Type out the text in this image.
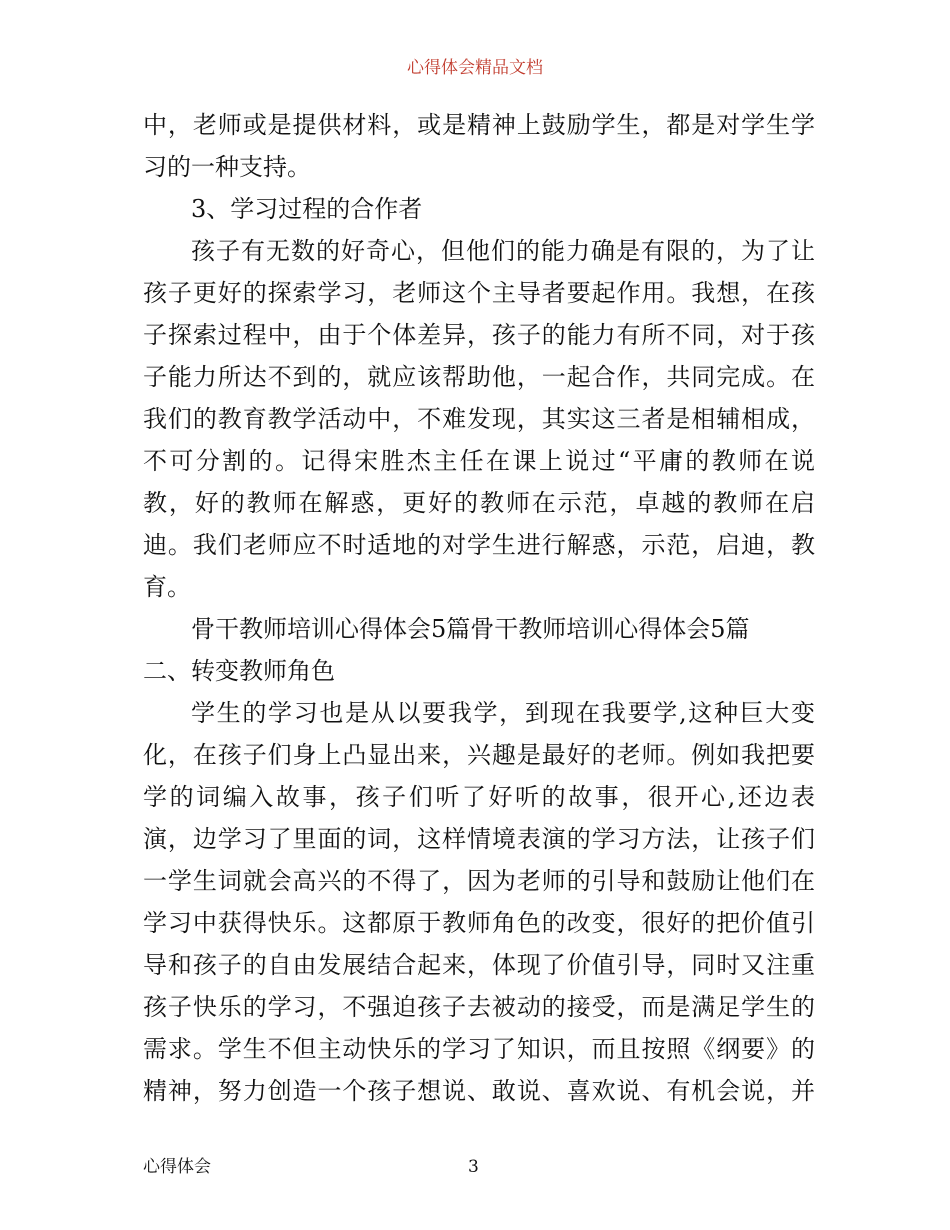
心得体会精品文档
中，老师或是提供材料，或是精神上鼓励学生，都是对学生学
习的一种支持。
3、学习过程的合作者
孩子有无数的好奇心，但他们的能力确是有限的，为了让
孩子更好的探索学习，老师这个主导者要起作用。我想，在孩
子探索过程中，由于个体差异，孩子的能力有所不同，对于孩
子能力所达不到的，就应该帮助他，一起合作，共同完成。在
我们的教育教学活动中，不难发现，其实这三者是相辅相成，
不可分割的。记得宋胜杰主任在课上说过“平庸的教师在说
教，好的教师在解惑，更好的教师在示范，卓越的教师在启
迪。我们老师应不时适地的对学生进行解惑，示范，启迪，教
育。
骨干教师培训心得体会5篇骨干教师培训心得体会5篇
二、转变教师角色
学生的学习也是从以要我学，到现在我要学,这种巨大变
化，在孩子们身上凸显出来，兴趣是最好的老师。例如我把要
学的词编入故事，孩子们听了好听的故事，很开心,还边表
演，边学习了里面的词，这样情境表演的学习方法，让孩子们
一学生词就会高兴的不得了，因为老师的引导和鼓励让他们在
学习中获得快乐。这都原于教师角色的改变，很好的把价值引
导和孩子的自由发展结合起来，体现了价值引导，同时又注重
孩子快乐的学习，不强迫孩子去被动的接受，而是满足学生的
需求。学生不但主动快乐的学习了知识，而且按照《纲要》的
精神，努力创造一个孩子想说、敢说、喜欢说、有机会说，并
心得体会	3
